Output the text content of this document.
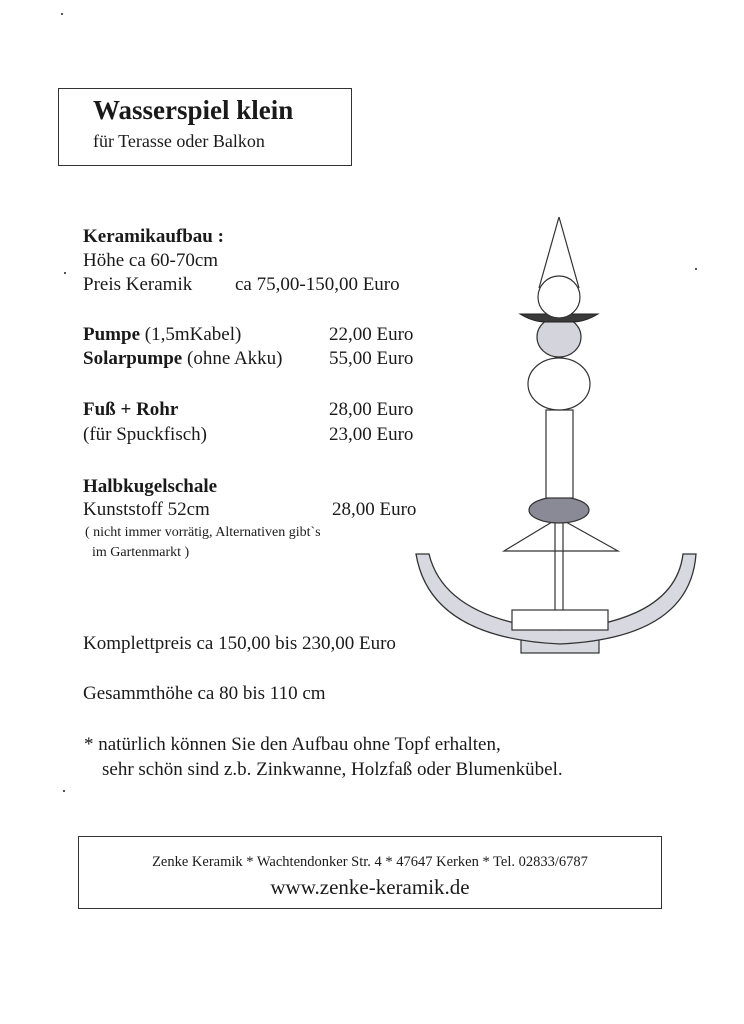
Wasserspiel klein
für Terasse oder Balkon
Keramikaufbau :
Höhe ca 60-70cm
Preis Keramik ca 75,00-150,00 Euro
Pumpe (1,5mKabel)	22,00 Euro
Solarpumpe (ohne Akku) 55,00 Euro
Fuß + Rohr	28,00 Euro
(für Spuckfisch)	23,00 Euro
Halbkugelschale
Kunststoff 52cm	28,00 Euro
( nicht immer vorrätig, Alternativen gibt`s
im Gartenmarkt )
Komplettpreis ca 150,00 bis 230,00 Euro
Gesammthöhe ca 80 bis 110 cm
* natürlich können Sie den Aufbau ohne Topf erhalten,
sehr schön sind z.b. Zinkwanne, Holzfaß oder Blumenkübel.
Zenke Keramik * Wachtendonker Str. 4 * 47647 Kerken * Tel. 02833/6787
www.zenke-keramik.de
